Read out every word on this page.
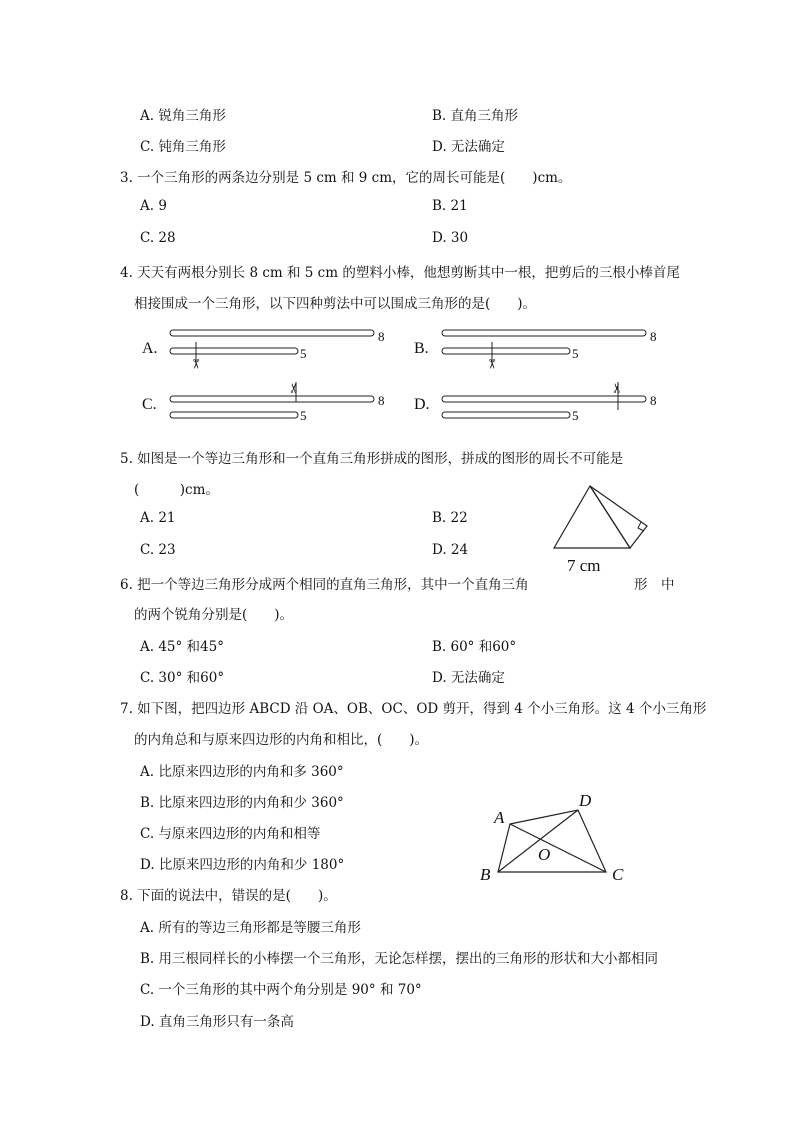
A. 锐角三角形	B. 直角三角形
C. 钝角三角形	D. 无法确定
3. 一个三角形的两条边分别是 5 cm 和 9 cm，它的周长可能是(　　)cm。
A. 9	B. 21
C. 28	D. 30
4. 天天有两根分别长 8 cm 和 5 cm 的塑料小棒，他想剪断其中一根，把剪后的三根小棒首尾
相接围成一个三角形，以下四种剪法中可以围成三角形的是(　　)。
A.
8
5
✂
B.
8
5
✂
C.
✂
8
5
D.
✂
8
5
5. 如图是一个等边三角形和一个直角三角形拼成的图形，拼成的图形的周长不可能是
(　　　)cm。
A. 21	B. 22
C. 23	D. 24
7 cm
6. 把一个等边三角形分成两个相同的直角三角形，其中一个直角三角	形　中
的两个锐角分别是(　　)。
A. 45° 和45°	B. 60° 和60°
C. 30° 和60°	D. 无法确定
7. 如下图，把四边形 ABCD 沿 OA、OB、OC、OD 剪开，得到 4 个小三角形。这 4 个小三角形
的内角总和与原来四边形的内角和相比，(　　)。
A. 比原来四边形的内角和多 360°
B. 比原来四边形的内角和少 360°
C. 与原来四边形的内角和相等
D. 比原来四边形的内角和少 180°
A
D
O
B	C
8. 下面的说法中，错误的是(　　)。
A. 所有的等边三角形都是等腰三角形
B. 用三根同样长的小棒摆一个三角形，无论怎样摆，摆出的三角形的形状和大小都相同
C. 一个三角形的其中两个角分别是 90° 和 70°
D. 直角三角形只有一条高
